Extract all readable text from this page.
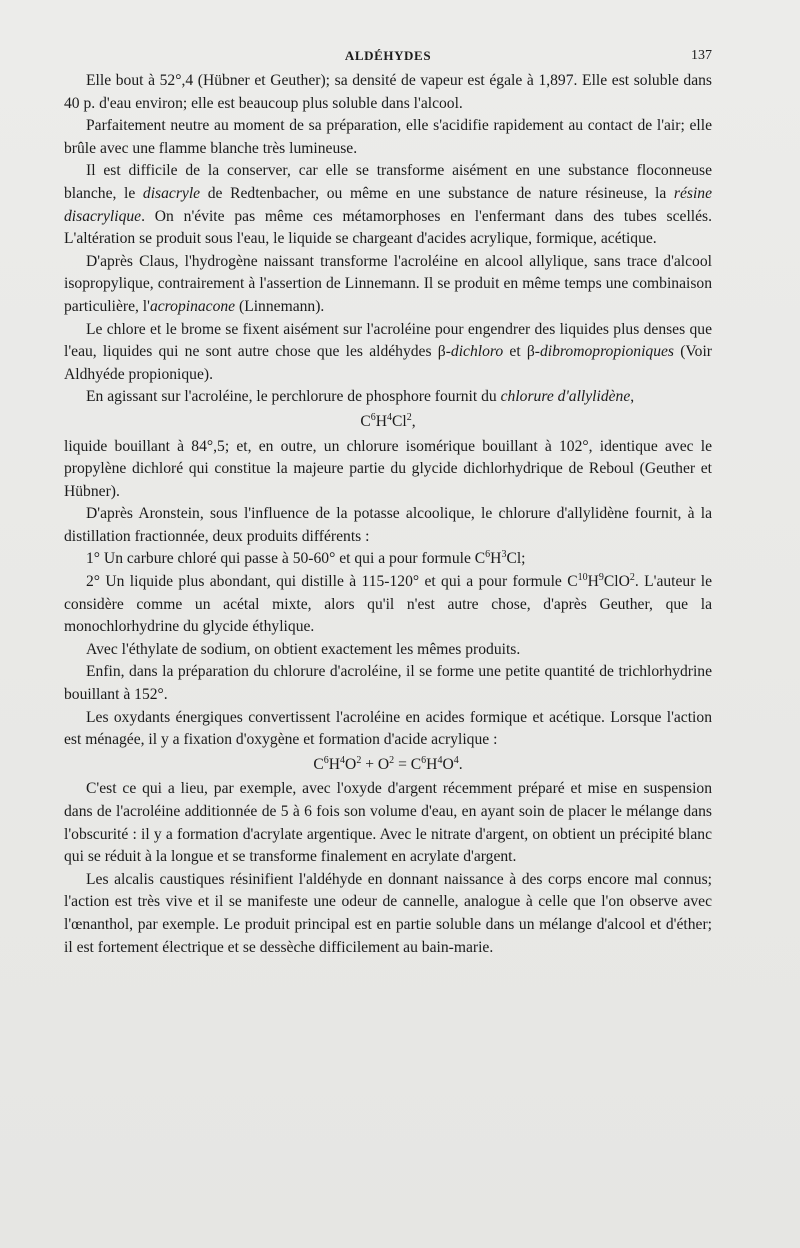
ALDÉHYDES	137

Elle bout à 52°,4 (Hübner et Geuther); sa densité de vapeur est égale à 1,897. Elle est soluble dans 40 p. d'eau environ; elle est beaucoup plus soluble dans l'alcool.

Parfaitement neutre au moment de sa préparation, elle s'acidifie rapidement au contact de l'air; elle brûle avec une flamme blanche très lumineuse.

Il est difficile de la conserver, car elle se transforme aisément en une substance floconneuse blanche, le disacryle de Redtenbacher, ou même en une substance de nature résineuse, la résine disacrylique. On n'évite pas même ces métamorphoses en l'enfermant dans des tubes scellés. L'altération se produit sous l'eau, le liquide se chargeant d'acides acrylique, formique, acétique.

D'après Claus, l'hydrogène naissant transforme l'acroléine en alcool allylique, sans trace d'alcool isopropylique, contrairement à l'assertion de Linnemann. Il se produit en même temps une combinaison particulière, l'acropinacone (Linnemann).

Le chlore et le brome se fixent aisément sur l'acroléine pour engendrer des liquides plus denses que l'eau, liquides qui ne sont autre chose que les aldéhydes β-dichloro et β-dibromopropioniques (Voir Aldhyéde propionique).

En agissant sur l'acroléine, le perchlorure de phosphore fournit du chlorure d'allylidène,

$C^6H^4Cl^2$,

liquide bouillant à 84°,5; et, en outre, un chlorure isomérique bouillant à 102°, identique avec le propylène dichloré qui constitue la majeure partie du glycide dichlorhydrique de Reboul (Geuther et Hübner).

D'après Aronstein, sous l'influence de la potasse alcoolique, le chlorure d'allylidène fournit, à la distillation fractionnée, deux produits différents :

1° Un carbure chloré qui passe à 50-60° et qui a pour formule $C^6H^3Cl$;

2° Un liquide plus abondant, qui distille à 115-120° et qui a pour formule $C^{10}H^9ClO^2$. L'auteur le considère comme un acétal mixte, alors qu'il n'est autre chose, d'après Geuther, que la monochlorhydrine du glycide éthylique.

Avec l'éthylate de sodium, on obtient exactement les mêmes produits.

Enfin, dans la préparation du chlorure d'acroléine, il se forme une petite quantité de trichlorhydrine bouillant à 152°.

Les oxydants énergiques convertissent l'acroléine en acides formique et acétique. Lorsque l'action est ménagée, il y a fixation d'oxygène et formation d'acide acrylique :

$C^6H^4O^2 + O^2 = C^6H^4O^4$.

C'est ce qui a lieu, par exemple, avec l'oxyde d'argent récemment préparé et mise en suspension dans de l'acroléine additionnée de 5 à 6 fois son volume d'eau, en ayant soin de placer le mélange dans l'obscurité : il y a formation d'acrylate argentique. Avec le nitrate d'argent, on obtient un précipité blanc qui se réduit à la longue et se transforme finalement en acrylate d'argent.

Les alcalis caustiques résinifient l'aldéhyde en donnant naissance à des corps encore mal connus; l'action est très vive et il se manifeste une odeur de cannelle, analogue à celle que l'on observe avec l'œnanthol, par exemple. Le produit principal est en partie soluble dans un mélange d'alcool et d'éther; il est fortement électrique et se dessèche difficilement au bain-marie.
